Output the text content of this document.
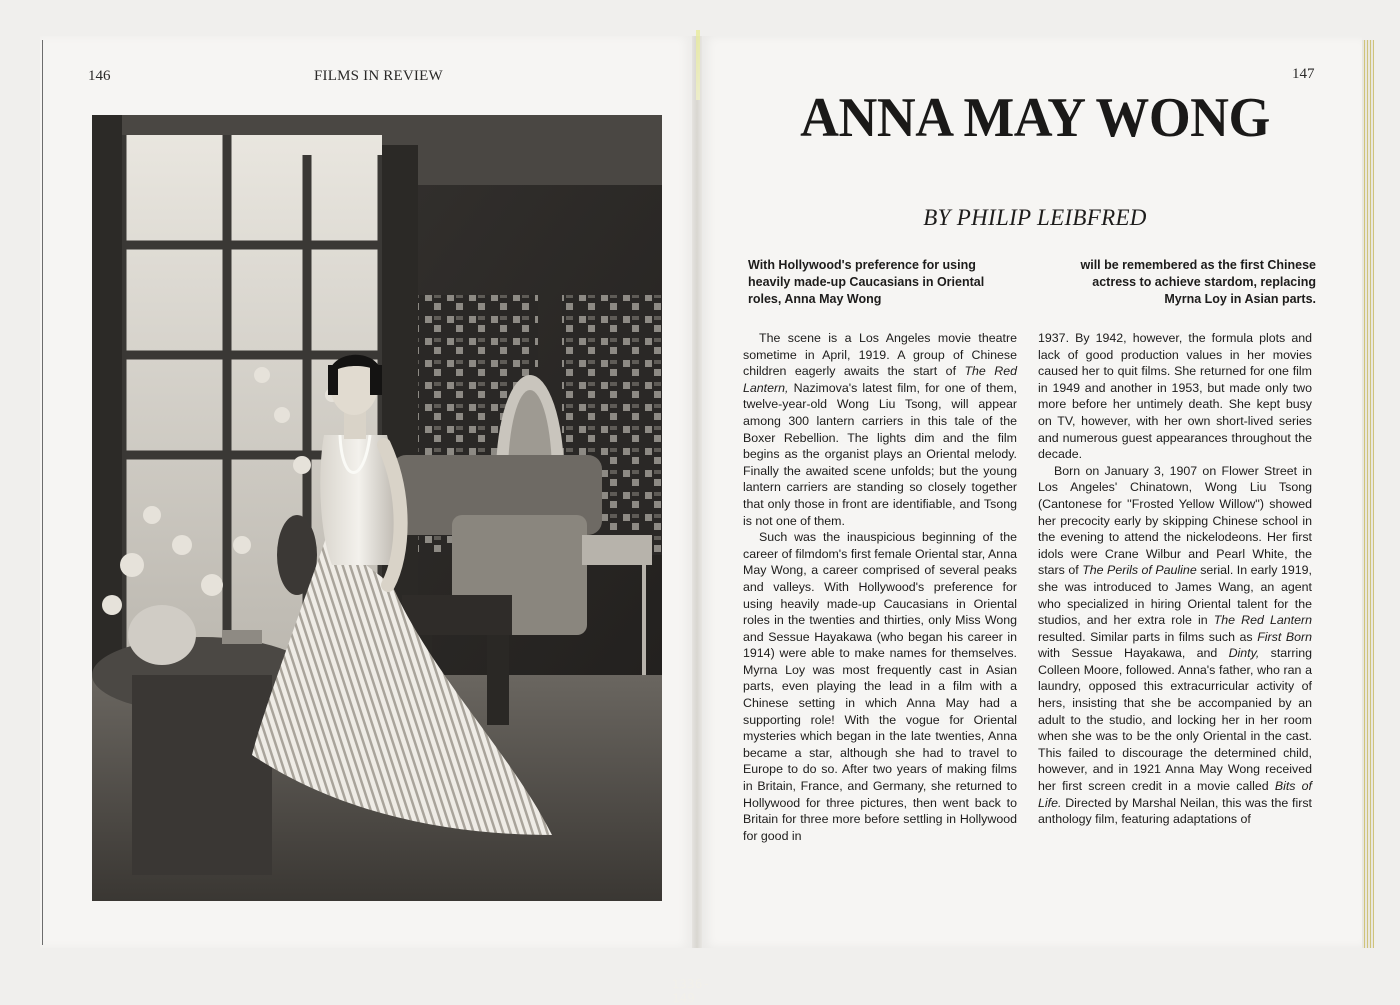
146	FILMS IN REVIEW	147
1336-149
ANNA MAY WONG
BY PHILIP LEIBFRED
With Hollywood's preference for using heavily made-up Caucasians in Oriental roles, Anna May Wong
will be remembered as the first Chinese actress to achieve stardom, replacing Myrna Loy in Asian parts.

The scene is a Los Angeles movie theatre sometime in April, 1919. A group of Chinese children eagerly awaits the start of The Red Lantern, Nazimova's latest film, for one of them, twelve-year-old Wong Liu Tsong, will appear among 300 lantern carriers in this tale of the Boxer Rebellion. The lights dim and the film begins as the organist plays an Oriental melody. Finally the awaited scene unfolds; but the young lantern carriers are standing so closely together that only those in front are identifiable, and Tsong is not one of them.

Such was the inauspicious beginning of the career of filmdom's first female Oriental star, Anna May Wong, a career comprised of several peaks and valleys. With Hollywood's preference for using heavily made-up Caucasians in Oriental roles in the twenties and thirties, only Miss Wong and Sessue Hayakawa (who began his career in 1914) were able to make names for themselves. Myrna Loy was most frequently cast in Asian parts, even playing the lead in a film with a Chinese setting in which Anna May had a supporting role! With the vogue for Oriental mysteries which began in the late twenties, Anna became a star, although she had to travel to Europe to do so. After two years of making films in Britain, France, and Germany, she returned to Hollywood for three pictures, then went back to Britain for three more before settling in Hollywood for good in

1937. By 1942, however, the formula plots and lack of good production values in her movies caused her to quit films. She returned for one film in 1949 and another in 1953, but made only two more before her untimely death. She kept busy on TV, however, with her own short-lived series and numerous guest appearances throughout the decade.

Born on January 3, 1907 on Flower Street in Los Angeles' Chinatown, Wong Liu Tsong (Cantonese for ''Frosted Yellow Willow'') showed her precocity early by skipping Chinese school in the evening to attend the nickelodeons. Her first idols were Crane Wilbur and Pearl White, the stars of The Perils of Pauline serial. In early 1919, she was introduced to James Wang, an agent who specialized in hiring Oriental talent for the studios, and her extra role in The Red Lantern resulted. Similar parts in films such as First Born with Sessue Hayakawa, and Dinty, starring Colleen Moore, followed. Anna's father, who ran a laundry, opposed this extracurricular activity of hers, insisting that she be accompanied by an adult to the studio, and locking her in her room when she was to be the only Oriental in the cast. This failed to discourage the determined child, however, and in 1921 Anna May Wong received her first screen credit in a movie called Bits of Life. Directed by Marshal Neilan, this was the first anthology film, featuring adaptations of
